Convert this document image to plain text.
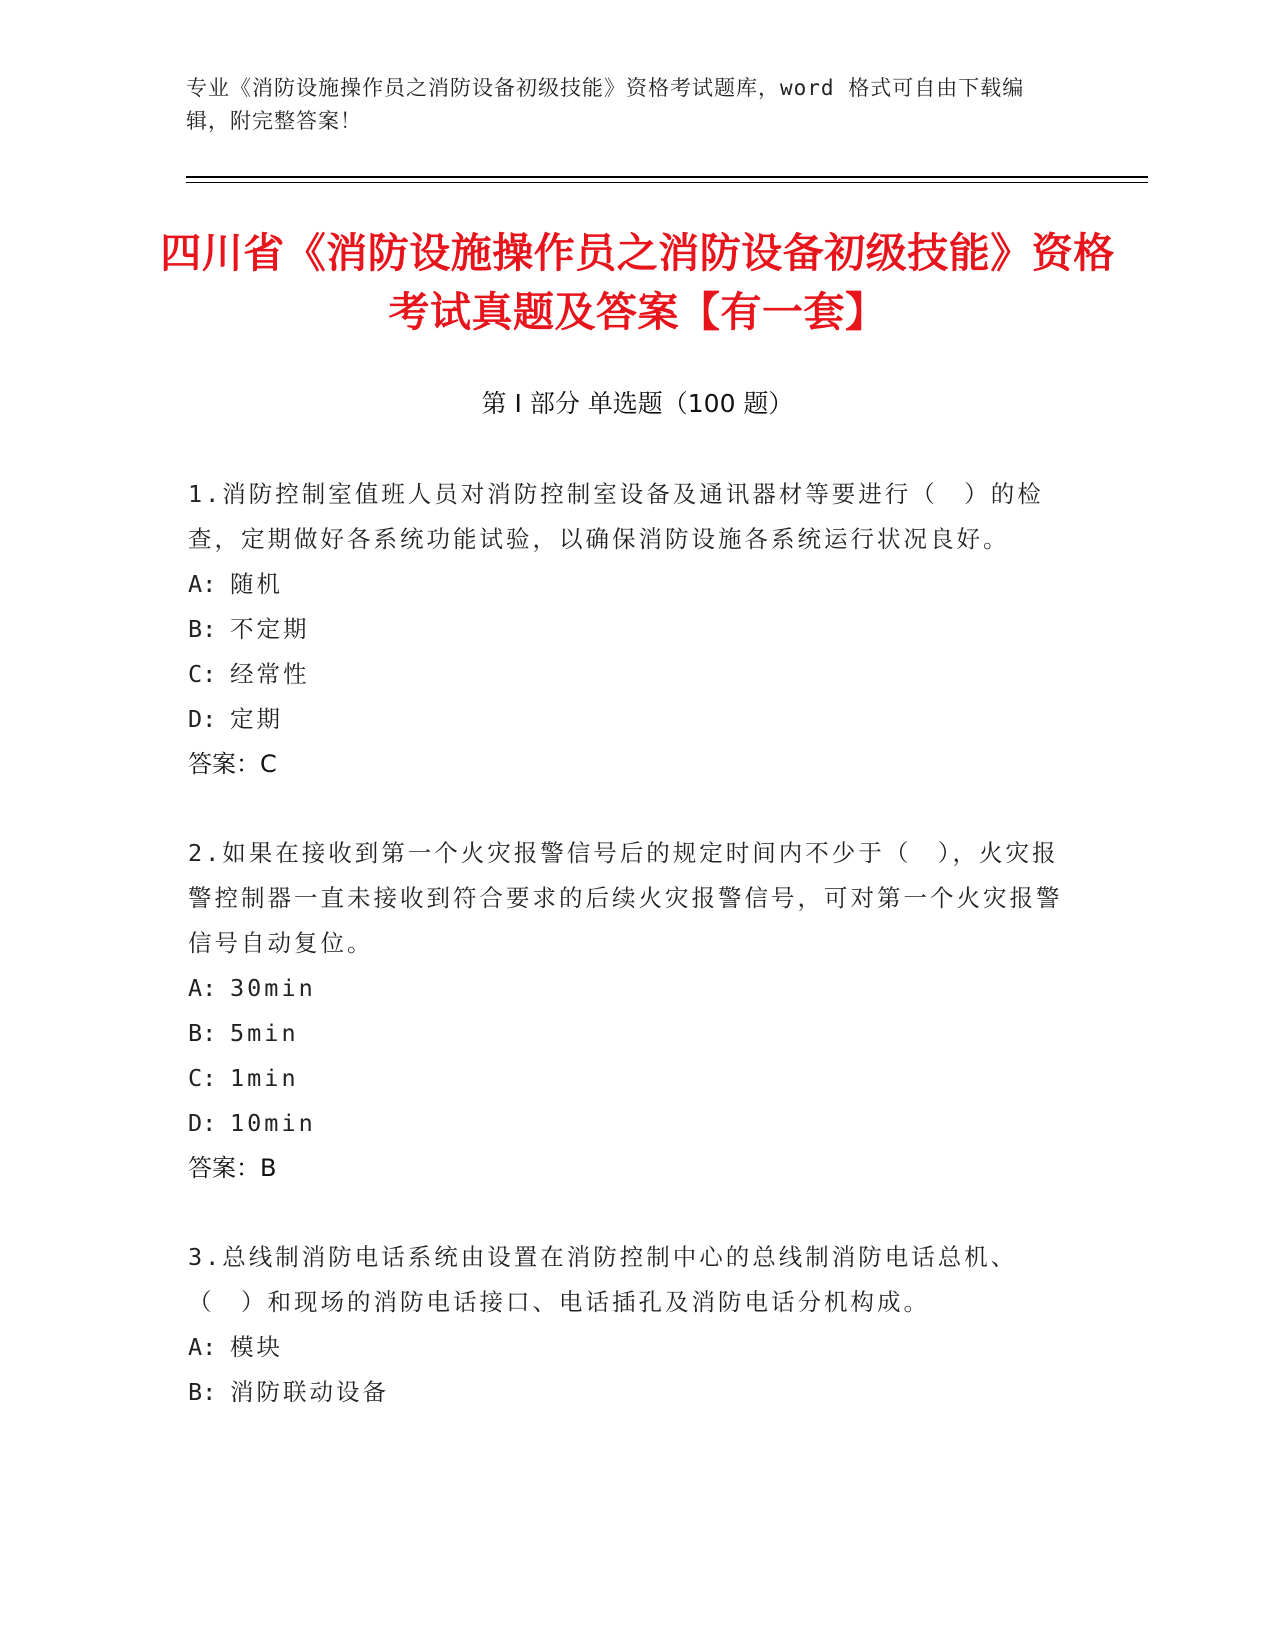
专业《消防设施操作员之消防设备初级技能》资格考试题库，word 格式可自由下载编辑，附完整答案！
四川省《消防设施操作员之消防设备初级技能》资格考试真题及答案【有一套】
第 I 部分 单选题（100 题）

1.消防控制室值班人员对消防控制室设备及通讯器材等要进行（　）的检查，定期做好各系统功能试验，以确保消防设施各系统运行状况良好。

A: 随机
B: 不定期
C: 经常性
D: 定期
答案：C

2.如果在接收到第一个火灾报警信号后的规定时间内不少于（　），火灾报警控制器一直未接收到符合要求的后续火灾报警信号，可对第一个火灾报警信号自动复位。

A: 30min
B: 5min
C: 1min
D: 10min
答案：B

3.总线制消防电话系统由设置在消防控制中心的总线制消防电话总机、（　）和现场的消防电话接口、电话插孔及消防电话分机构成。

A: 模块
B: 消防联动设备
